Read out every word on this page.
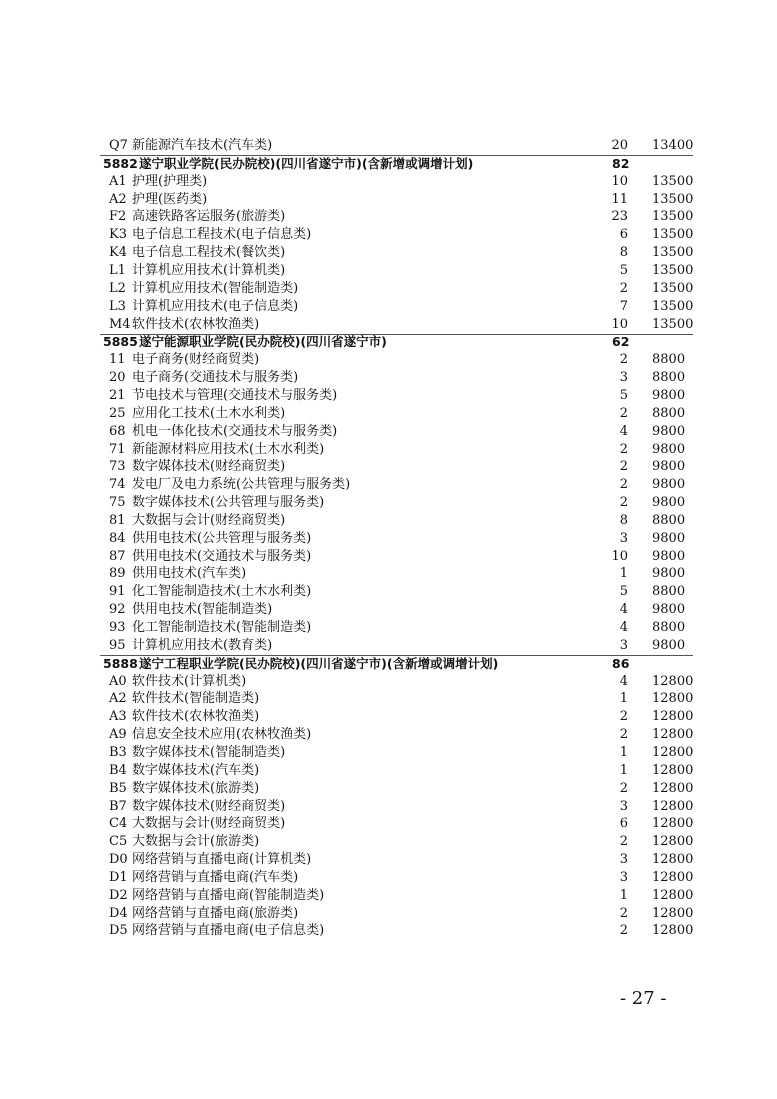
Q7 新能源汽车技术(汽车类)	20 13400
5882 遂宁职业学院(民办院校)(四川省遂宁市)(含新增或调增计划)	82
A1 护理(护理类)	10 13500
A2 护理(医药类)	11 13500
F2 高速铁路客运服务(旅游类)	23 13500
K3 电子信息工程技术(电子信息类)	6 13500
K4 电子信息工程技术(餐饮类)	8 13500
L1 计算机应用技术(计算机类)	5 13500
L2 计算机应用技术(智能制造类)	2 13500
L3 计算机应用技术(电子信息类)	7 13500
M4 软件技术(农林牧渔类)	10 13500
5885 遂宁能源职业学院(民办院校)(四川省遂宁市)	62
11 电子商务(财经商贸类)	2 8800
20 电子商务(交通技术与服务类)	3 8800
21 节电技术与管理(交通技术与服务类)	5 9800
25 应用化工技术(土木水利类)	2 8800
68 机电一体化技术(交通技术与服务类)	4 9800
71 新能源材料应用技术(土木水利类)	2 9800
73 数字媒体技术(财经商贸类)	2 9800
74 发电厂及电力系统(公共管理与服务类)	2 9800
75 数字媒体技术(公共管理与服务类)	2 9800
81 大数据与会计(财经商贸类)	8 8800
84 供用电技术(公共管理与服务类)	3 9800
87 供用电技术(交通技术与服务类)	10 9800
89 供用电技术(汽车类)	1 9800
91 化工智能制造技术(土木水利类)	5 8800
92 供用电技术(智能制造类)	4 9800
93 化工智能制造技术(智能制造类)	4 8800
95 计算机应用技术(教育类)	3 9800
5888 遂宁工程职业学院(民办院校)(四川省遂宁市)(含新增或调增计划)	86
A0 软件技术(计算机类)	4 12800
A2 软件技术(智能制造类)	1 12800
A3 软件技术(农林牧渔类)	2 12800
A9 信息安全技术应用(农林牧渔类)	2 12800
B3 数字媒体技术(智能制造类)	1 12800
B4 数字媒体技术(汽车类)	1 12800
B5 数字媒体技术(旅游类)	2 12800
B7 数字媒体技术(财经商贸类)	3 12800
C4 大数据与会计(财经商贸类)	6 12800
C5 大数据与会计(旅游类)	2 12800
D0 网络营销与直播电商(计算机类)	3 12800
D1 网络营销与直播电商(汽车类)	3 12800
D2 网络营销与直播电商(智能制造类)	1 12800
D4 网络营销与直播电商(旅游类)	2 12800
D5 网络营销与直播电商(电子信息类)	2 12800
- 27 -
